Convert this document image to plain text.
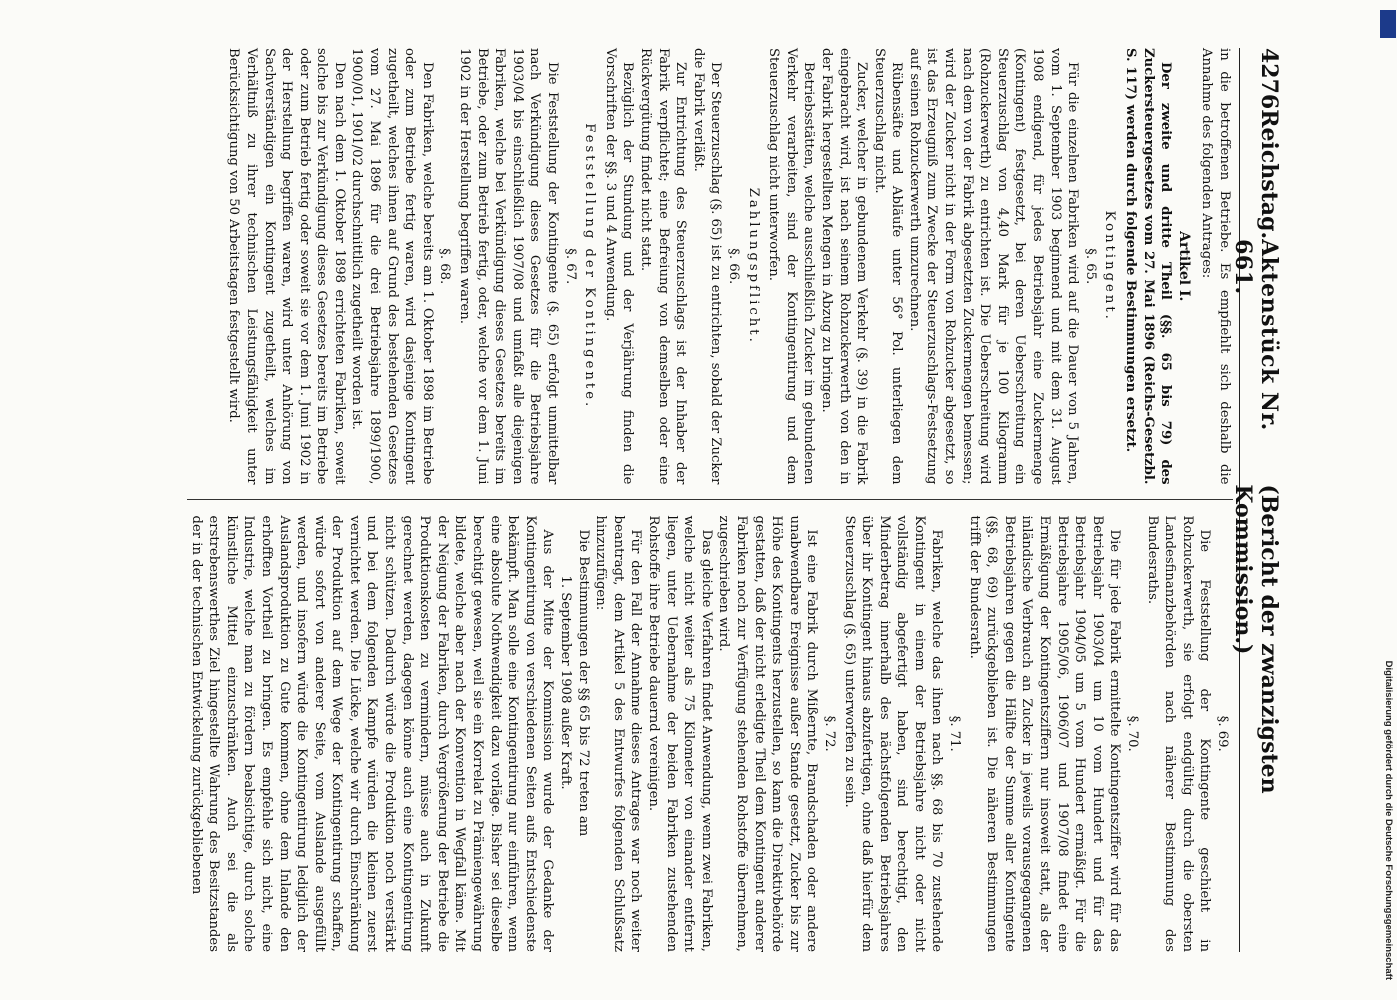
4276
Reichstag.
Aktenstück Nr. 661.
(Bericht der zwanzigsten Kommission.)

in die betroffenen Betriebe. Es empfiehlt sich deshalb die Annahme des folgenden Antrages:

Artikel I.

Der zweite und dritte Theil (§§. 65 bis 79) des Zuckersteuergesetzes vom 27. Mai 1896 (Reichs-Gesetzbl. S. 117) werden durch folgende Bestimmungen ersetzt.

Kontingent.

§. 65.

Für die einzelnen Fabriken wird auf die Dauer von 5 Jahren, vom 1. September 1903 beginnend und mit dem 31. August 1908 endigend, für jedes Betriebsjahr eine Zuckermenge (Kontingent) festgesetzt, bei deren Ueberschreitung ein Steuerzuschlag von 4,40 Mark für je 100 Kilogramm (Rohzuckerwerth) zu entrichten ist. Die Ueberschreitung wird nach dem von der Fabrik abgesetzten Zuckermengen bemessen; wird der Zucker nicht in der Form von Rohzucker abgesetzt, so ist das Erzeugniß zum Zwecke der Steuerzuschlags-Festsetzung auf seinen Rohzuckerwerth umzurechnen.

Rübensäfte und Abläufe unter 56° Pol. unterliegen dem Steuerzuschlag nicht.

Zucker, welcher in gebundenem Verkehr (§. 39) in die Fabrik eingebracht wird, ist nach seinem Rohzuckerwerth von den in der Fabrik hergestellten Mengen in Abzug zu bringen.

Betriebsstätten, welche ausschließlich Zucker im gebundenen Verkehr verarbeiten, sind der Kontingentirung und dem Steuerzuschlag nicht unterworfen.

Zahlungspflicht.

§. 66.

Der Steuerzuschlag (§. 65) ist zu entrichten, sobald der Zucker die Fabrik verläßt.

Zur Entrichtung des Steuerzuschlags ist der Inhaber der Fabrik verpflichtet; eine Befreiung von demselben oder eine Rückvergütung findet nicht statt.

Bezüglich der Stundung und der Verjährung finden die Vorschriften der §§. 3 und 4 Anwendung.

Feststellung der Kontingente.

§. 67.

Die Feststellung der Kontingente (§. 65) erfolgt unmittelbar nach Verkündigung dieses Gesetzes für die Betriebsjahre 1903/04 bis einschließlich 1907/08 und umfaßt alle diejenigen Fabriken, welche bei Verkündigung dieses Gesetzes bereits im Betriebe, oder zum Betrieb fertig, oder, welche vor dem 1. Juni 1902 in der Herstellung begriffen waren.

§. 68.

Den Fabriken, welche bereits am 1. Oktober 1898 im Betriebe oder zum Betriebe fertig waren, wird dasjenige Kontingent zugetheilt, welches ihnen auf Grund des bestehenden Gesetzes vom 27. Mai 1896 für die drei Betriebsjahre 1899/1900, 1900/01, 1901/02 durchschnittlich zugetheilt worden ist.

Den nach dem 1. Oktober 1898 errichteten Fabriken, soweit solche bis zur Verkündigung dieses Gesetzes bereits im Betriebe oder zum Betrieb fertig oder soweit sie vor dem 1. Juni 1902 in der Herstellung begriffen waren, wird unter Anhörung von Sachverständigen ein Kontingent zugetheilt, welches im Verhältniß zu ihrer technischen Leistungsfähigkeit unter Berücksichtigung von 50 Arbeitstagen festgestellt wird.

§. 69.

Die Feststellung der Kontingente geschieht in Rohzuckerwerth, sie erfolgt endgültig durch die obersten Landesfinanzbehörden nach näherer Bestimmung des Bundesraths.

§. 70.

Die für jede Fabrik ermittelte Kontingentsziffer wird für das Betriebsjahr 1903/04 um 10 vom Hundert und für das Betriebsjahr 1904/05 um 5 vom Hundert ermäßigt. Für die Betriebsjahre 1905/06, 1906/07 und 1907/08 findet eine Ermäßigung der Kontingentsziffern nur insoweit statt, als der inländische Verbrauch an Zucker in jeweils vorausgegangenen Betriebsjahren gegen die Hälfte der Summe aller Kontingente (§§. 68, 69) zurückgeblieben ist. Die näheren Bestimmungen trifft der Bundesrath.

§. 71.

Fabriken, welche das ihnen nach §§. 68 bis 70 zustehende Kontingent in einem der Betriebsjahre nicht oder nicht vollständig abgefertigt haben, sind berechtigt, den Minderbetrag innerhalb des nächstfolgenden Betriebsjahres über ihr Kontingent hinaus abzufertigen, ohne daß hierfür dem Steuerzuschlag (§. 65) unterworfen zu sein.

§. 72.

Ist eine Fabrik durch Mißernte, Brandschaden oder andere unabwendbare Ereignisse außer Stande gesetzt, Zucker bis zur Höhe des Kontingents herzustellen, so kann die Direktivbehörde gestatten, daß der nicht erledigte Theil dem Kontingent anderer Fabriken noch zur Verfügung stehenden Rohstoffe übernehmen, zugeschrieben wird.

Das gleiche Verfahren findet Anwendung, wenn zwei Fabriken, welche nicht weiter als 75 Kilometer von einander entfernt liegen, unter Uebernahme der beiden Fabriken zustehenden Rohstoffe ihre Betriebe dauernd vereinigen.

Für den Fall der Annahme dieses Antrages war noch weiter beantragt, dem Artikel 5 des Entwurfes folgenden Schlußsatz hinzuzufügen:

Die Bestimmungen der §§ 65 bis 72 treten am

1. September 1908 außer Kraft.

Aus der Mitte der Kommission wurde der Gedanke der Kontingentirung von verschiedenen Seiten aufs Entschiedenste bekämpft. Man solle eine Kontingentirung nur einführen, wenn eine absolute Nothwendigkeit dazu vorläge. Bisher sei dieselbe berechtigt gewesen, weil sie ein Korrelat zu Prämiengewährung bildete, welche aber nach der Konvention in Wegfall käme. Mit der Neigung der Fabriken, durch Vergrößerung der Betriebe die Produktionskosten zu vermindern, müsse auch in Zukunft gerechnet werden, dagegen könne auch eine Kontingentirung nicht schützen. Dadurch würde die Produktion noch verstärkt und bei dem folgenden Kampfe würden die kleinen zuerst vernichtet werden. Die Lücke, welche wir durch Einschränkung der Produktion auf dem Wege der Kontingentirung schaffen, würde sofort von anderer Seite, vom Auslande ausgefüllt werden, und insofern würde die Kontingentirung lediglich der Auslandsproduktion zu Gute kommen, ohne dem Inlande den erhofften Vortheil zu bringen. Es empfehle sich nicht, eine Industrie, welche man zu fördern beabsichtige, durch solche künstliche Mittel einzuschränken. Auch sei die als erstrebenswerthes Ziel hingestellte Wahrung des Besitzstandes der in der technischen Entwickelung zurückgebliebenen	Digitalisierung gefördert durch die Deutsche Forschungsgemeinschaft
